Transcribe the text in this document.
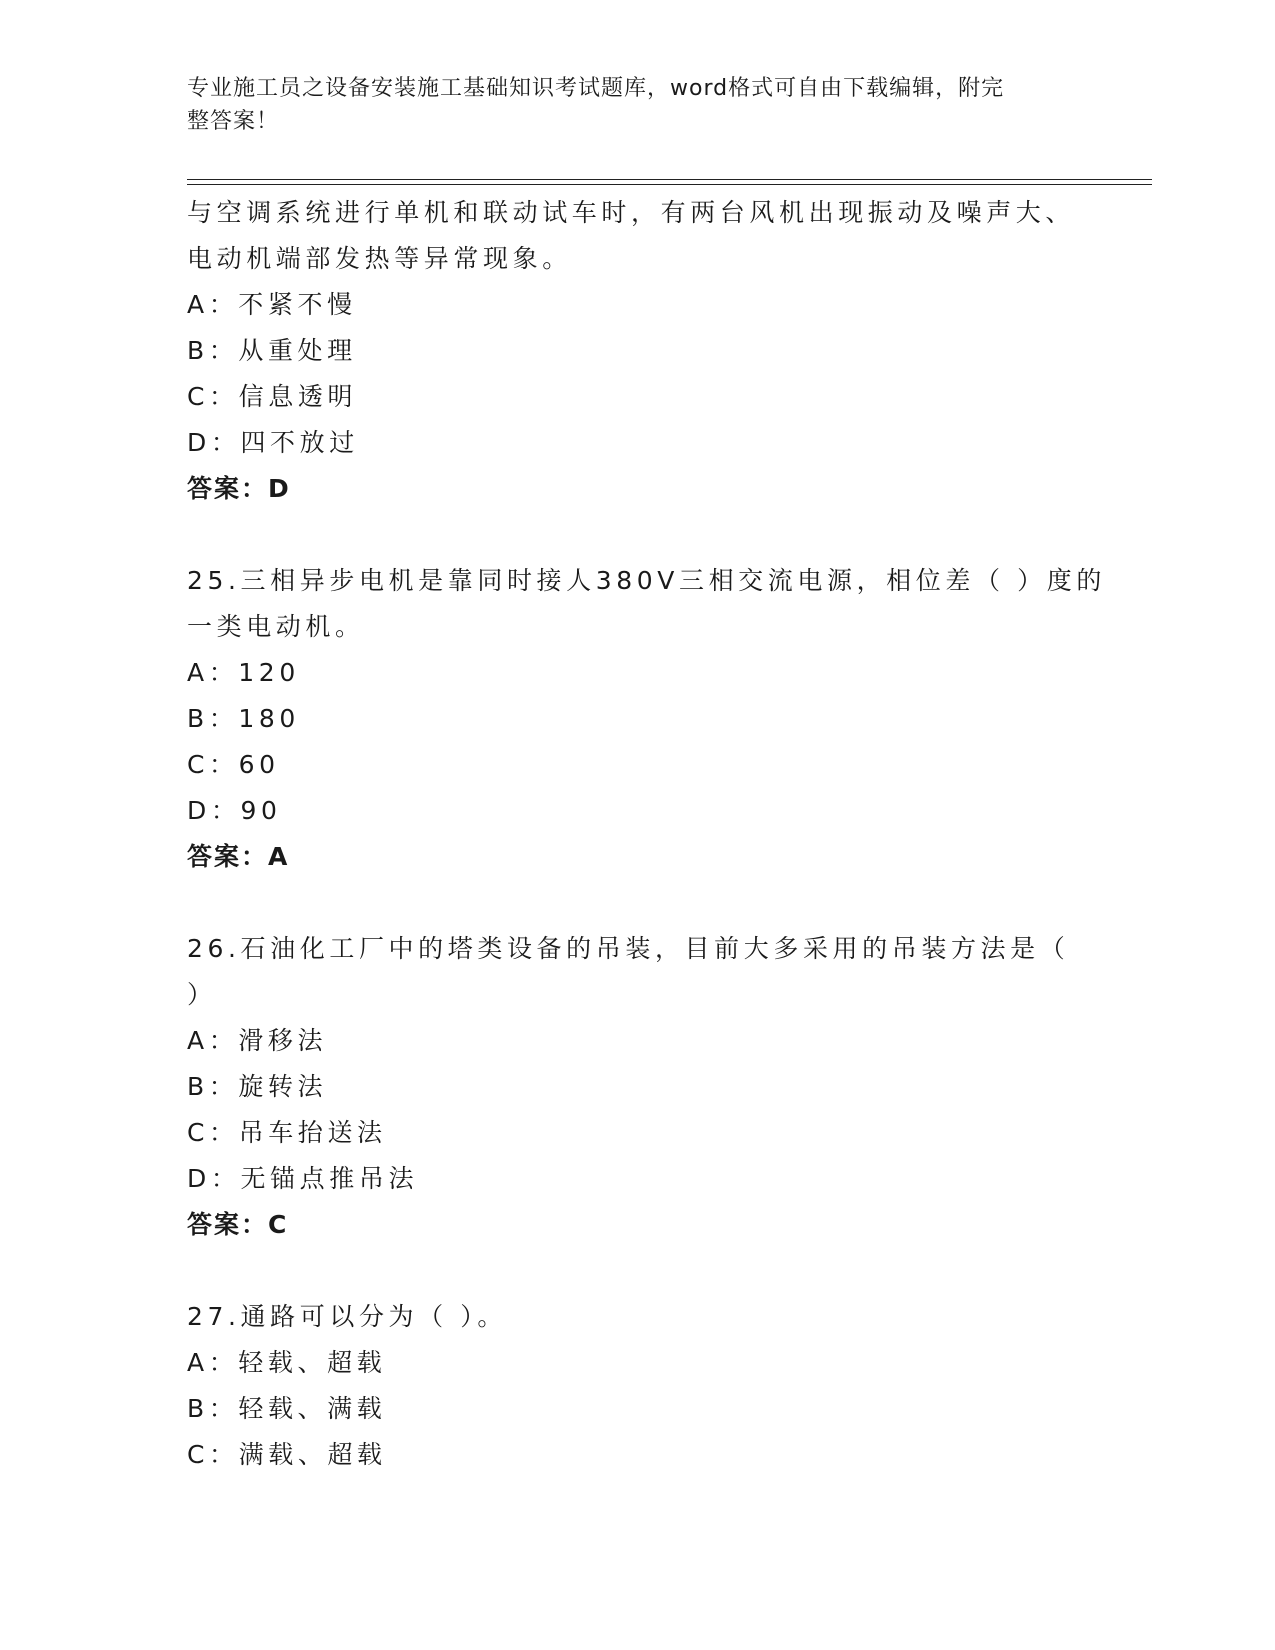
专业施工员之设备安装施工基础知识考试题库，word格式可自由下载编辑，附完
整答案！
与空调系统进行单机和联动试车时，有两台风机出现振动及噪声大、
电动机端部发热等异常现象。
A：不紧不慢
B：从重处理
C：信息透明
D：四不放过
答案：D
25.三相异步电机是靠同时接人380V三相交流电源，相位差（ ）度的
一类电动机。
A：120
B：180
C：60
D：90
答案：A
26.石油化工厂中的塔类设备的吊装，目前大多采用的吊装方法是（
）
A：滑移法
B：旋转法
C：吊车抬送法
D：无锚点推吊法
答案：C
27.通路可以分为（ ）。
A：轻载、超载
B：轻载、满载
C：满载、超载
